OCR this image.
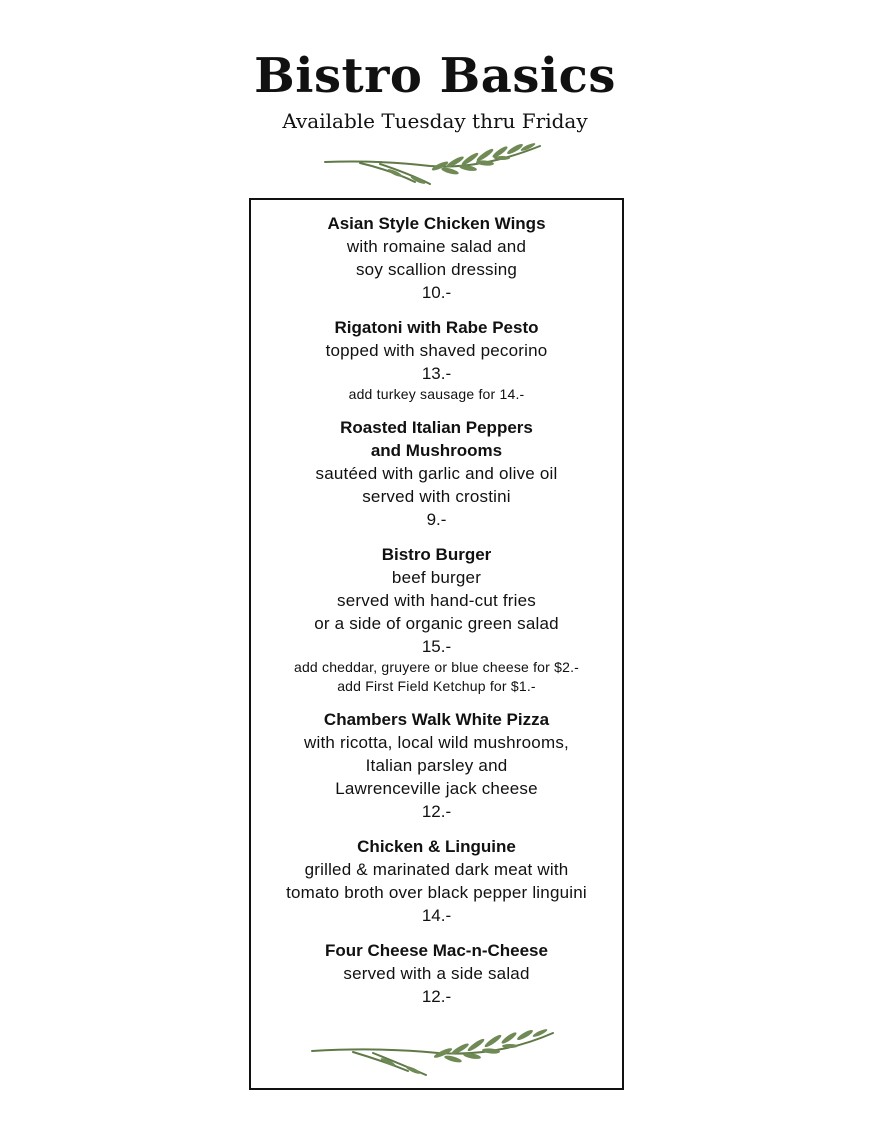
Bistro Basics
Available Tuesday thru Friday
Asian Style Chicken Wings
with romaine salad and
soy scallion dressing
10.-
Rigatoni with Rabe Pesto
topped with shaved pecorino
13.-
add turkey sausage for 14.-
Roasted Italian Peppers
and Mushrooms
sautéed with garlic and olive oil
served with crostini
9.-
Bistro Burger
beef burger
served with hand-cut fries
or a side of organic green salad
15.-
add cheddar, gruyere or blue cheese for $2.-
add First Field Ketchup for $1.-
Chambers Walk White Pizza
with ricotta, local wild mushrooms,
Italian parsley and
Lawrenceville jack cheese
12.-
Chicken & Linguine
grilled & marinated dark meat with
tomato broth over black pepper linguini
14.-
Four Cheese Mac-n-Cheese
served with a side salad
12.-
